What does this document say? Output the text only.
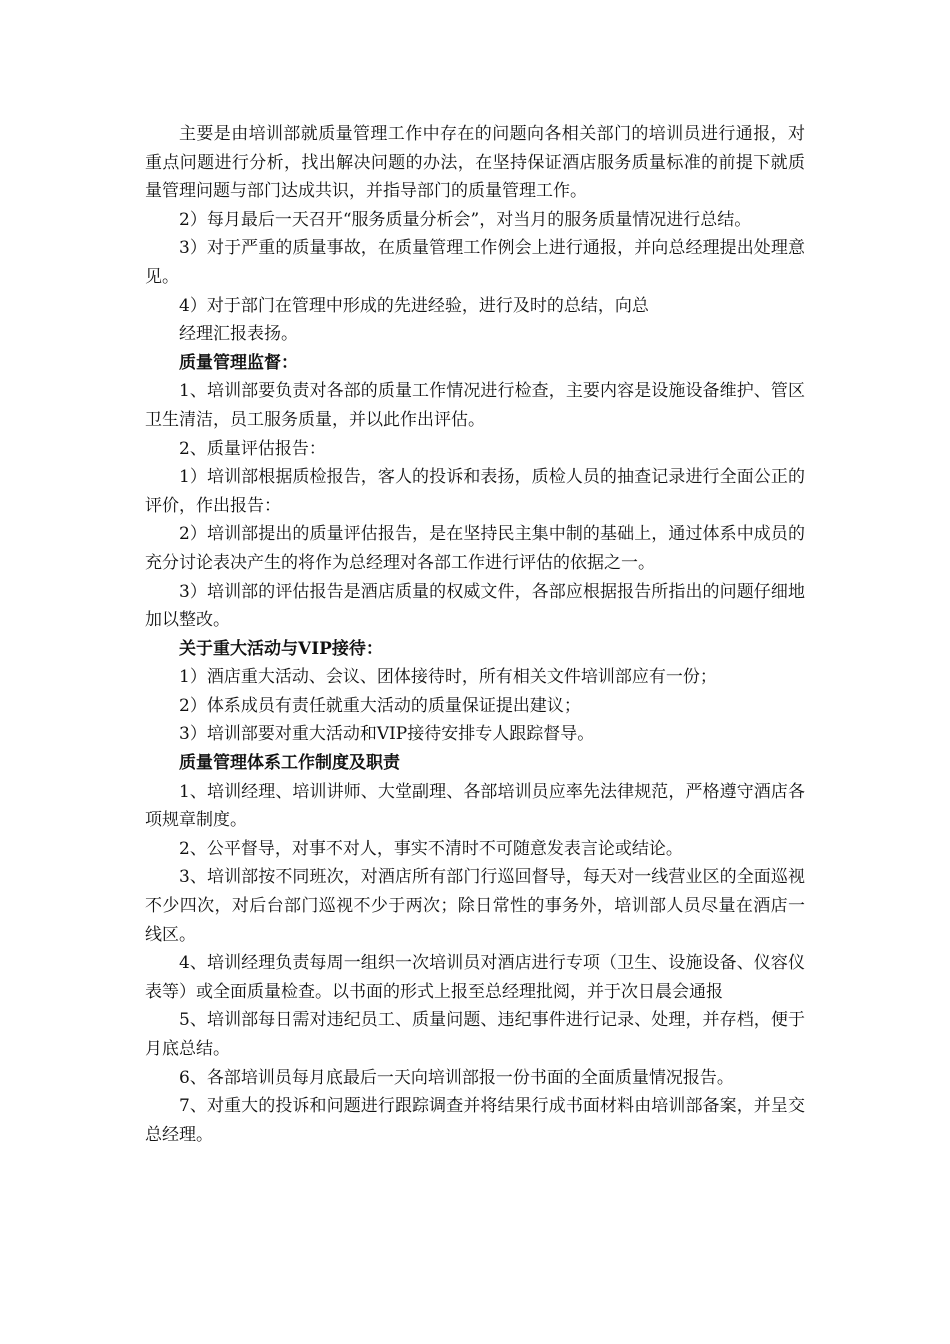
主要是由培训部就质量管理工作中存在的问题向各相关部门的培训员进行通报，对重点问题进行分析，找出解决问题的办法，在坚持保证酒店服务质量标准的前提下就质量管理问题与部门达成共识，并指导部门的质量管理工作。

2）每月最后一天召开“服务质量分析会”，对当月的服务质量情况进行总结。

3）对于严重的质量事故，在质量管理工作例会上进行通报，并向总经理提出处理意见。

4）对于部门在管理中形成的先进经验，进行及时的总结，向总

经理汇报表扬。

质量管理监督：

1、培训部要负责对各部的质量工作情况进行检查，主要内容是设施设备维护、管区卫生清洁，员工服务质量，并以此作出评估。

2、质量评估报告：

1）培训部根据质检报告，客人的投诉和表扬，质检人员的抽查记录进行全面公正的评价，作出报告：

2）培训部提出的质量评估报告，是在坚持民主集中制的基础上，通过体系中成员的充分讨论表决产生的将作为总经理对各部工作进行评估的依据之一。

3）培训部的评估报告是酒店质量的权威文件，各部应根据报告所指出的问题仔细地加以整改。

关于重大活动与VIP接待：

1）酒店重大活动、会议、团体接待时，所有相关文件培训部应有一份；

2）体系成员有责任就重大活动的质量保证提出建议；

3）培训部要对重大活动和VIP接待安排专人跟踪督导。

质量管理体系工作制度及职责

1、培训经理、培训讲师、大堂副理、各部培训员应率先法律规范，严格遵守酒店各项规章制度。

2、公平督导，对事不对人，事实不清时不可随意发表言论或结论。

3、培训部按不同班次，对酒店所有部门行巡回督导，每天对一线营业区的全面巡视不少四次，对后台部门巡视不少于两次；除日常性的事务外，培训部人员尽量在酒店一线区。

4、培训经理负责每周一组织一次培训员对酒店进行专项（卫生、设施设备、仪容仪表等）或全面质量检查。以书面的形式上报至总经理批阅，并于次日晨会通报

5、培训部每日需对违纪员工、质量问题、违纪事件进行记录、处理，并存档，便于月底总结。

6、各部培训员每月底最后一天向培训部报一份书面的全面质量情况报告。

7、对重大的投诉和问题进行跟踪调查并将结果行成书面材料由培训部备案，并呈交总经理。
